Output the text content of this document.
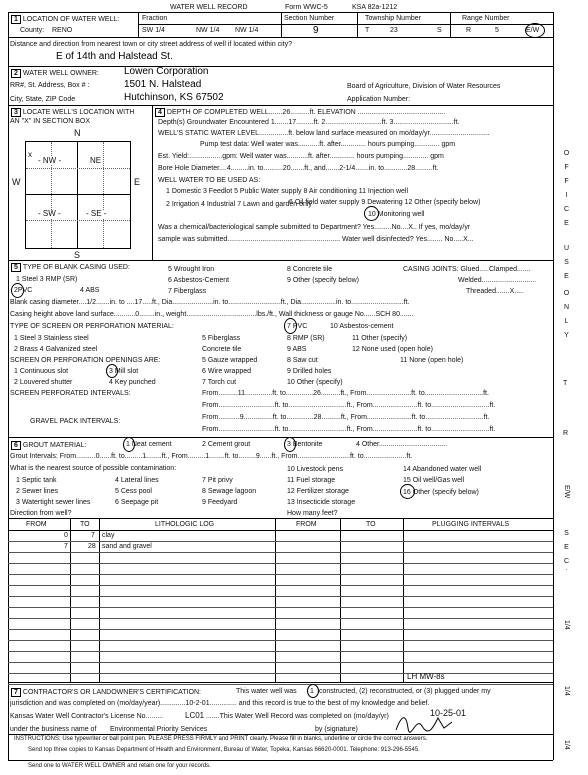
WATER WELL RECORD	Form WWC-5	KSA 82a-1212
1 LOCATION OF WATER WELL:
County: RENO
Fraction
SW 1/4	NW 1/4 NW 1/4
Section Number
9
Township Number
T	23	S
Range Number
R	5	E/W
Distance and direction from nearest town or city street address of well if located within city?
E of 14th and Halstead St.
2 WATER WELL OWNER:	Lowen Corporation
RR#, St. Address, Box # :	1501 N. Halstead
City, State, ZIP Code	Hutchinson, KS 67502
Board of Agriculture, Division of Water Resources
Application Number:
3 LOCATE WELL'S LOCATION WITH
AN "X" IN SECTION BOX
N
S
W	E
x
- NW -	NE
- SW -	- SE -
4 DEPTH OF COMPLETED WELL.......26..........ft. ELEVATION .............................................
Depth(s) Groundwater Encountered 1.......17.........ft. 2.............................ft. 3...............................ft.
WELL'S STATIC WATER LEVEL...............ft. below land surface measured on mo/day/yr...............................
Pump test data: Well water was...........ft. after............. hours pumping............. gpm
Est. Yield:.................gpm: Well water was...........ft. after............. hours pumping............. gpm
Bore Hole Diameter....4.........in. to..........20.......ft., and.......2-1/4.......in. to............28.........ft.
WELL WATER TO BE USED AS:
1 Domestic 3 Feedlot 5 Public Water supply 8 Air conditioning 11 Injection well
6 Oil field water supply 9 Dewatering 12 Other (specify below)
2 Irrigation 4 Industrial 7 Lawn and garden only
10 Monitoring well
Was a chemical/bacteriological sample submitted to Department? Yes.........No....X.. If yes, mo/day/yr
sample was submitted.......................................................... Water well disinfected? Yes........ No.....X...
5 TYPE OF BLANK CASING USED:
1 Steel 3 RMP (SR)
5 Wrought Iron	8 Concrete tile	CASING JOINTS: Glued.....Clamped.......
2PVC	4 ABS
6 Asbestos-Cement	9 Other (specify below)	Welded............................
7 Fiberglass	Threaded.......X.....
Blank casing diameter....1/2.......in. to ....17.....ft., Dia.....................in. to...........................ft., Dia..................in. to...........................ft.
Casing height above land surface...........0........in., weight....................................lbs./ft., Wall thickness or gauge No......SCH 80.......
TYPE OF SCREEN OR PERFORATION MATERIAL:	7 PVC	10 Asbestos-cement
1 Steel 3 Stainless steel	5 Fiberglass	8 RMP (SR)	11 Other (specify)
2 Brass 4 Galvanized steel	Concrete tile	9 ABS	12 None used (open hole)
SCREEN OR PERFORATION OPENINGS ARE:	5 Gauze wrapped	8 Saw cut	11 None (open hole)
1 Continuous slot	3 Mill slot	6 Wire wrapped	9 Drilled holes
2 Louvered shutter	4 Key punched	7 Torch cut	10 Other (specify)
SCREEN PERFORATED INTERVALS:	From..........11..............ft. to..............26..........ft., From.......................ft. to..............................ft.
From.............................ft. to..............................ft., From.......................ft. to..............................ft.
GRAVEL PACK INTERVALS:
From...........9...............ft. to..............28..........ft., From.......................ft. to..............................ft.
From.............................ft. to..............................ft., From.......................ft. to..............................ft.
6 GROUT MATERIAL:	1 Neat cement	2 Cement grout	3 Bentonite	4 Other...................................
Grout Intervals: From..........0......ft. to.........1........ft., From.........1........ft. to.........9......ft., From...........................ft. to......................ft.
What is the nearest source of possible contamination:
1 Septic tank	4 Lateral lines	7 Pit privy
10 Livestock pens	14 Abandoned water well
2 Sewer lines	5 Cess pool	8 Sewage lagoon
11 Fuel storage	15 Oil well/Gas well
3 Watertight sewer lines	6 Seepage pit	9 Feedyard
12 Fertilizer storage	16 Other (specify below)
13 Insecticide storage
Direction from well?	How many feet?
FROM	TO	LITHOLOGIC LOG	FROM	TO	PLUGGING INTERVALS
0	7 clay
7	28 sand and gravel
LH MW-8s
7 CONTRACTOR'S OR LANDOWNER'S CERTIFICATION:	This water well was 1 constructed, (2) reconstructed, or (3) plugged under my
jurisdiction and was completed on (mo/day/year).............10-2-01.............. and this record is true to the best of my knowledge and belief.
Kansas Water Well Contractor's License No.........	LC01 .......This Water Well Record was completed on (mo/day/yr)	10-25-01
under the business name of Environmental Priority Services	by (signature)
INSTRUCTIONS: Use typewriter or ball point pen. PLEASE PRESS FIRMLY and PRINT clearly. Please fill in blanks, underline or circle the correct answers.
Send top three copies to Kansas Department of Health and Environment, Bureau of Water, Topeka, Kansas 66620-0001. Telephone: 913-296-5545.
Send one to WATER WELL OWNER and retain one for your records.
O F F I C E
U S E
O N L Y
T
R
E/W
S E C.
1/4
1/4
1/4
